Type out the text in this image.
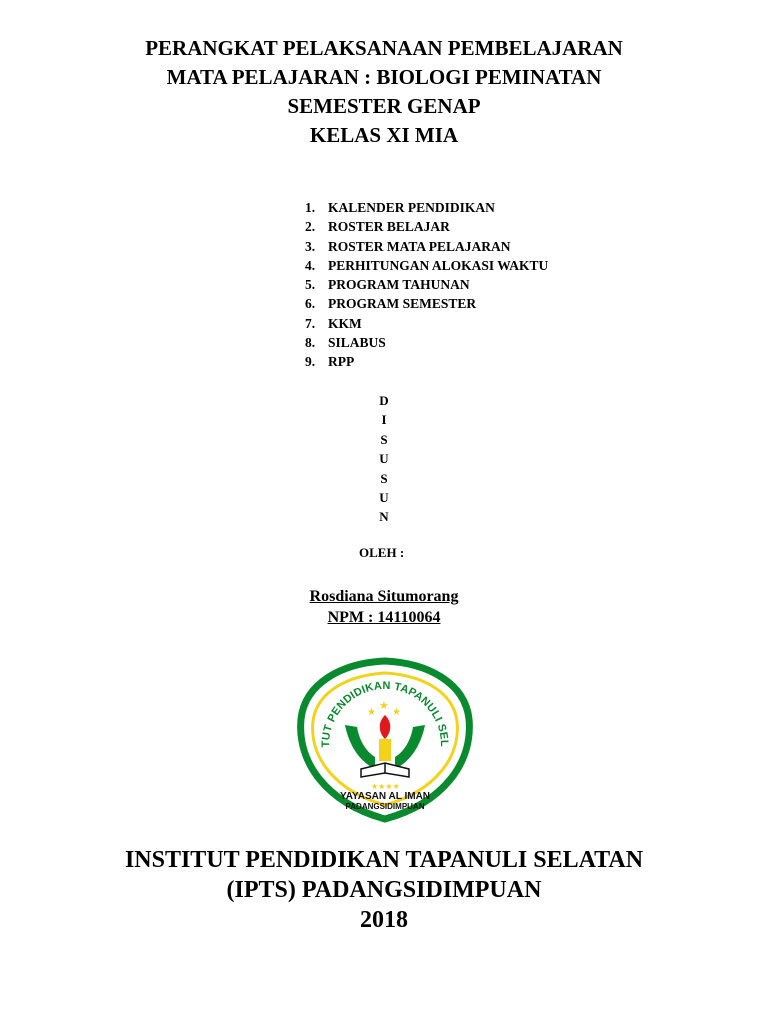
PERANGKAT PELAKSANAAN PEMBELAJARAN
MATA PELAJARAN : BIOLOGI PEMINATAN
SEMESTER GENAP
KELAS XI MIA
1. KALENDER PENDIDIKAN
2. ROSTER BELAJAR
3. ROSTER MATA PELAJARAN
4. PERHITUNGAN ALOKASI WAKTU
5. PROGRAM TAHUNAN
6. PROGRAM SEMESTER
7. KKM
8. SILABUS
9. RPP
D
I
S
U
S
U
N
OLEH :
Rosdiana Situmorang
NPM : 14110064
TUT PENDIDIKAN TAPANULI SEL
★
★
★
★★★★
YAYASAN AL IMAN
PADANGSIDIMPUAN
INSTITUT PENDIDIKAN TAPANULI SELATAN
(IPTS) PADANGSIDIMPUAN
2018
